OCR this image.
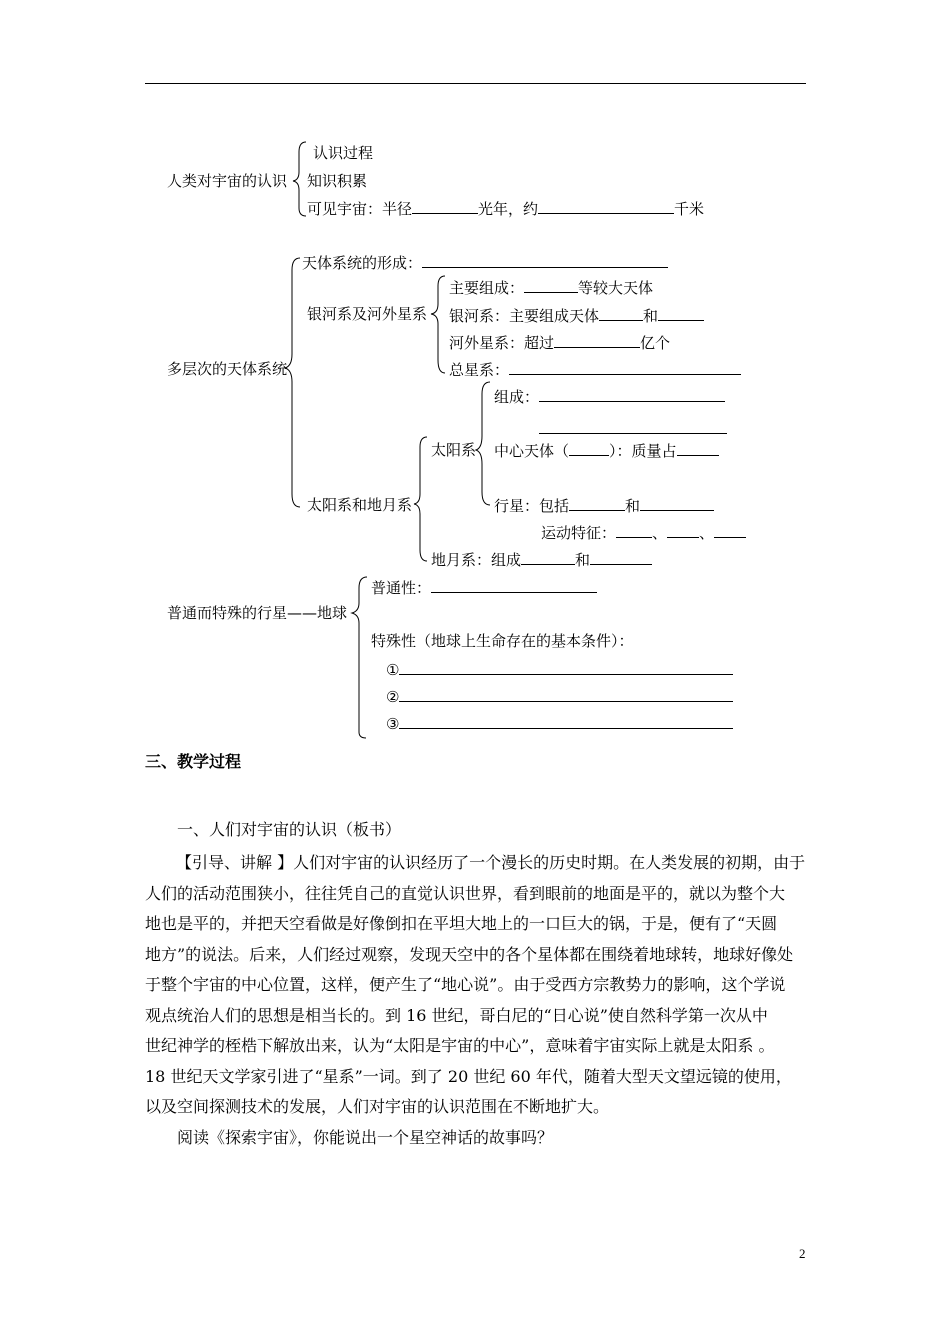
人类对宇宙的认识
认识过程
知识积累
可见宇宙：半径	光年，约	千米
多层次的天体系统
天体系统的形成：
银河系及河外星系
主要组成：	等较大天体
银河系：主要组成天体	和
河外星系：超过	亿个
总星系：
太阳系和地月系
太阳系
组成：
中心天体（	）：质量占
行星：包括	和
运动特征： 、 、
地月系：组成	和
普通而特殊的行星——地球
普通性：
特殊性（地球上生命存在的基本条件）：
①
②
③
三、教学过程
一、人们对宇宙的认识（板书）
【引导、讲解 】人们对宇宙的认识经历了一个漫长的历史时期。在人类发展的初期，由于
人们的活动范围狭小，往往凭自己的直觉认识世界，看到眼前的地面是平的，就以为整个大
地也是平的，并把天空看做是好像倒扣在平坦大地上的一口巨大的锅，于是，便有了“天圆
地方”的说法。后来，人们经过观察，发现天空中的各个星体都在围绕着地球转，地球好像处
于整个宇宙的中心位置，这样，便产生了“地心说”。由于受西方宗教势力的影响，这个学说
观点统治人们的思想是相当长的。到 16 世纪，哥白尼的“日心说”使自然科学第一次从中
世纪神学的桎梏下解放出来，认为“太阳是宇宙的中心”，意味着宇宙实际上就是太阳系 。
18 世纪天文学家引进了“星系”一词。到了 20 世纪 60 年代，随着大型天文望远镜的使用，
以及空间探测技术的发展，人们对宇宙的认识范围在不断地扩大。
阅读《探索宇宙》，你能说出一个星空神话的故事吗？
2
